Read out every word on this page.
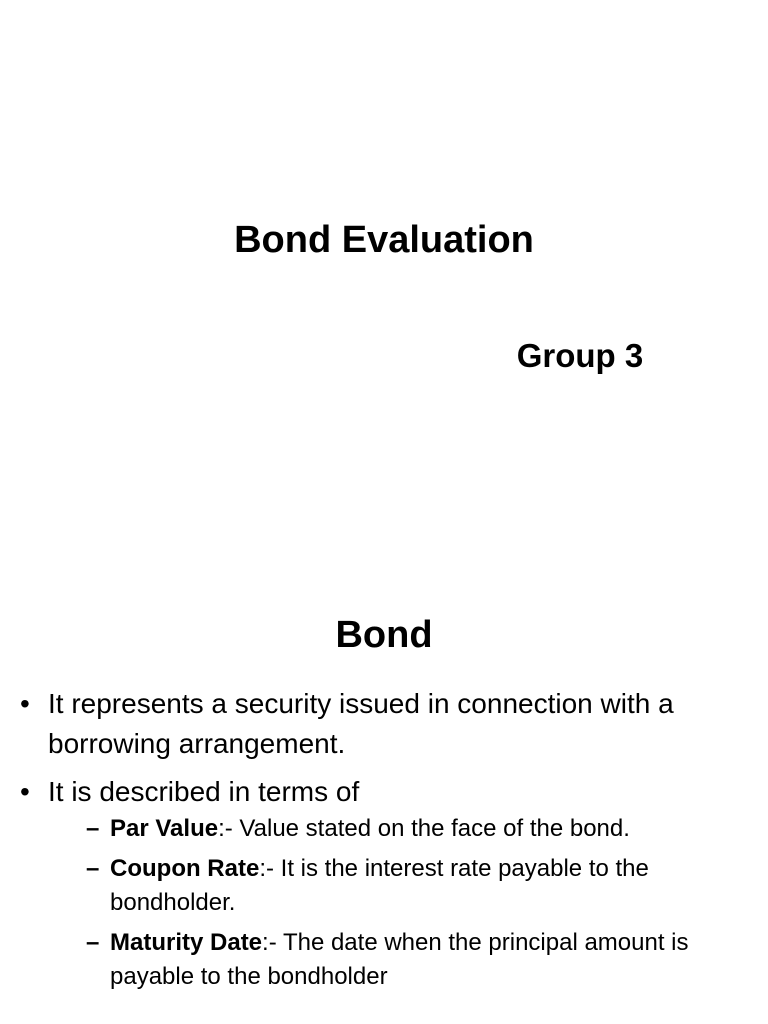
Bond Evaluation
Group 3
Bond
• It represents a security issued in connection with a borrowing arrangement.
• It is described in terms of
– Par Value:- Value stated on the face of the bond.
– Coupon Rate:- It is the interest rate payable to the bondholder.
– Maturity Date:- The date when the principal amount is payable to the bondholder
